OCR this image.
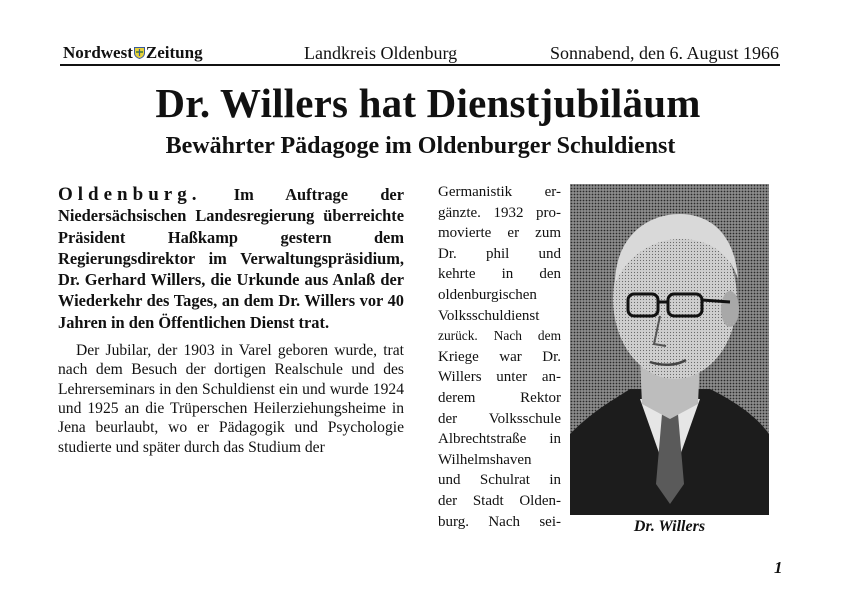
Nordwest Zeitung	Landkreis Oldenburg	Sonnabend, den 6. August 1966
Dr. Willers hat Dienstjubiläum
Bewährter Pädagoge im Oldenburger Schuldienst

Oldenburg. Im Auftrage der Niedersächsischen Landesregierung überreichte Präsident Haßkamp gestern dem Regierungsdirektor im Verwaltungspräsidium, Dr. Gerhard Willers, die Urkunde aus Anlaß der Wiederkehr des Tages, an dem Dr. Willers vor 40 Jahren in den Öffentlichen Dienst trat.

Der Jubilar, der 1903 in Varel geboren wurde, trat nach dem Besuch der dortigen Realschule und des Lehrerseminars in den Schuldienst ein und wurde 1924 und 1925 an die Trüperschen Heilerziehungsheime in Jena beurlaubt, wo er Pädagogik und Psychologie studierte und später durch das Studium der

Germanistik er-
gänzte. 1932 pro-
movierte er zum
Dr. phil und
kehrte in den
oldenburgischen
Volksschuldienst
zurück. Nach dem
Kriege war Dr.
Willers unter an-
derem Rektor
der Volksschule
Albrechtstraße in
Wilhelmshaven
und Schulrat in
der Stadt Olden-
burg. Nach sei-	Dr. Willers
1
